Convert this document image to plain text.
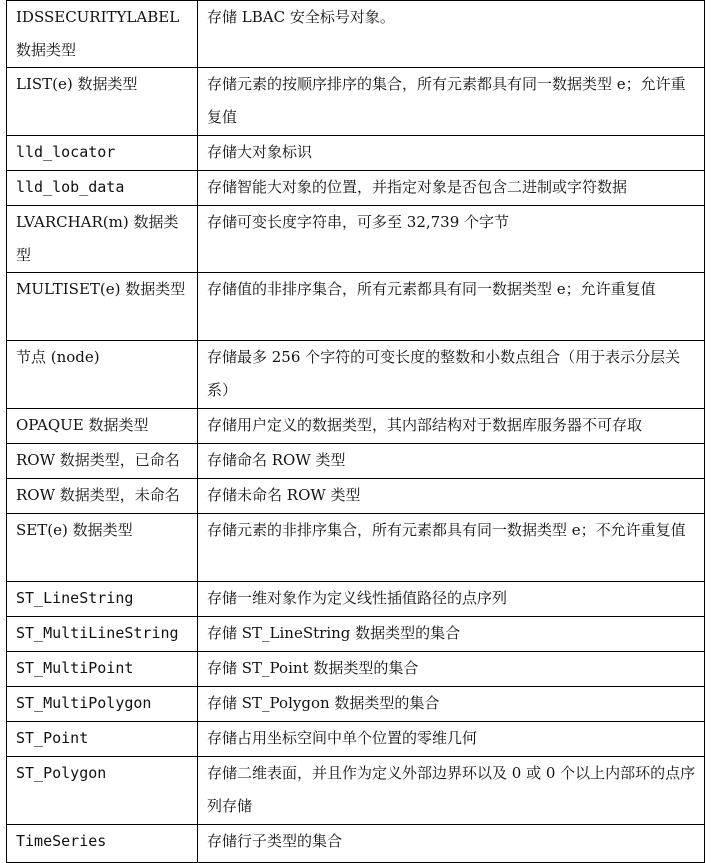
IDSSECURITYLABEL 数据类型	存储 LBAC 安全标号对象。
LIST(e) 数据类型	存储元素的按顺序排序的集合，所有元素都具有同一数据类型 e；允许重复值
lld_locator	存储大对象标识
lld_lob_data	存储智能大对象的位置，并指定对象是否包含二进制或字符数据
LVARCHAR(m) 数据类型	存储可变长度字符串，可多至 32,739 个字节
MULTISET(e) 数据类型	存储值的非排序集合，所有元素都具有同一数据类型 e；允许重复值
节点 (node)	存储最多 256 个字符的可变长度的整数和小数点组合（用于表示分层关系）
OPAQUE 数据类型	存储用户定义的数据类型，其内部结构对于数据库服务器不可存取
ROW 数据类型，已命名	存储命名 ROW 类型
ROW 数据类型，未命名	存储未命名 ROW 类型
SET(e) 数据类型	存储元素的非排序集合，所有元素都具有同一数据类型 e；不允许重复值
ST_LineString	存储一维对象作为定义线性插值路径的点序列
ST_MultiLineString	存储 ST_LineString 数据类型的集合
ST_MultiPoint	存储 ST_Point 数据类型的集合
ST_MultiPolygon	存储 ST_Polygon 数据类型的集合
ST_Point	存储占用坐标空间中单个位置的零维几何
ST_Polygon	存储二维表面，并且作为定义外部边界环以及 0 或 0 个以上内部环的点序列存储
TimeSeries	存储行子类型的集合
